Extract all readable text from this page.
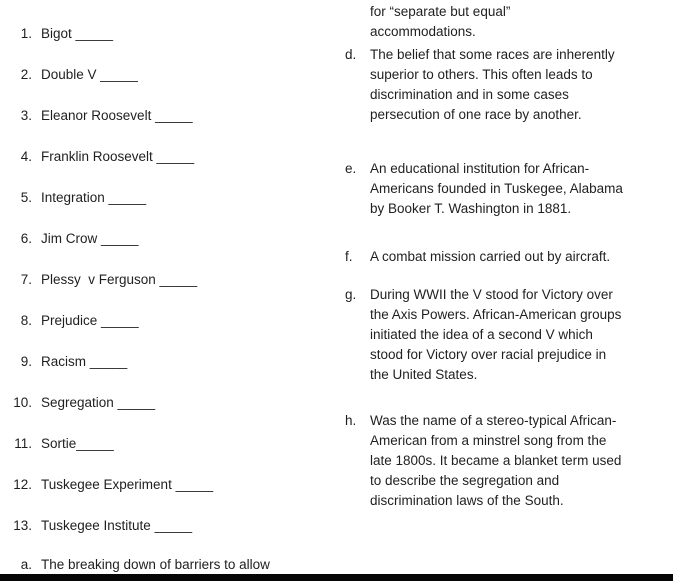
1. Bigot _____
2. Double V _____
3. Eleanor Roosevelt _____
4. Franklin Roosevelt _____
5. Integration _____
6. Jim Crow _____
7. Plessy  v Ferguson _____
8. Prejudice _____
9. Racism _____
10. Segregation _____
11. Sortie_____
12. Tuskegee Experiment _____
13. Tuskegee Institute _____
a. The breaking down of barriers to allow
for “separate but equal”
accommodations.
d.	The belief that some races are inherently superior to others. This often leads to discrimination and in some cases persecution of one race by another.
e.	An educational institution for African-Americans founded in Tuskegee, Alabama by Booker T. Washington in 1881.
f.	A combat mission carried out by aircraft.
g.	During WWII the V stood for Victory over the Axis Powers. African-American groups initiated the idea of a second V which stood for Victory over racial prejudice in the United States.
h.	Was the name of a stereo-typical African-American from a minstrel song from the late 1800s. It became a blanket term used to describe the segregation and discrimination laws of the South.
